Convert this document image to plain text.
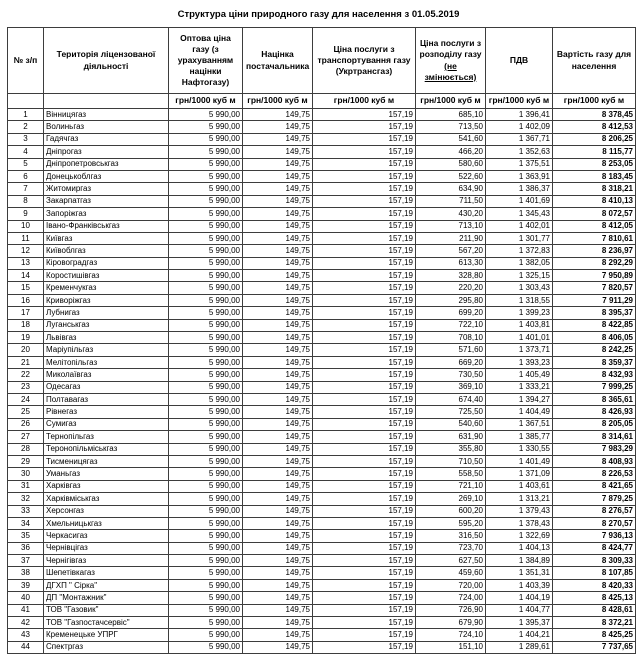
Структура ціни природного газу для населення з 01.05.2019
№ з/п	Територія ліцензованої діяльності	Оптова ціна газу (з урахуванням націнки Нафтогазу)	Націнка постачальника	Ціна послуги з транспортування газу (Укртрансгаз)	Ціна послуги з розподілу газу (не змінюється)	ПДВ	Вартість газу для населення
		грн/1000 куб м	грн/1000 куб м	грн/1000 куб м	грн/1000 куб м	грн/1000 куб м	грн/1000 куб м
1	Вінницягаз	5 990,00	149,75	157,19	685,10	1 396,41	8 378,45
2	Волиньгаз	5 990,00	149,75	157,19	713,50	1 402,09	8 412,53
3	Гадячгаз	5 990,00	149,75	157,19	541,60	1 367,71	8 206,25
4	Дніпрогаз	5 990,00	149,75	157,19	466,20	1 352,63	8 115,77
5	Дніпропетровськгаз	5 990,00	149,75	157,19	580,60	1 375,51	8 253,05
6	Донецькоблгаз	5 990,00	149,75	157,19	522,60	1 363,91	8 183,45
7	Житомиргаз	5 990,00	149,75	157,19	634,90	1 386,37	8 318,21
8	Закарпатгаз	5 990,00	149,75	157,19	711,50	1 401,69	8 410,13
9	Запоріжгаз	5 990,00	149,75	157,19	430,20	1 345,43	8 072,57
10	Івано-Франківськгаз	5 990,00	149,75	157,19	713,10	1 402,01	8 412,05
11	Київгаз	5 990,00	149,75	157,19	211,90	1 301,77	7 810,61
12	Київоблгаз	5 990,00	149,75	157,19	567,20	1 372,83	8 236,97
13	Кіровоградгаз	5 990,00	149,75	157,19	613,30	1 382,05	8 292,29
14	Коростишівгаз	5 990,00	149,75	157,19	328,80	1 325,15	7 950,89
15	Кременчукгаз	5 990,00	149,75	157,19	220,20	1 303,43	7 820,57
16	Криворіжгаз	5 990,00	149,75	157,19	295,80	1 318,55	7 911,29
17	Лубнигаз	5 990,00	149,75	157,19	699,20	1 399,23	8 395,37
18	Луганськгаз	5 990,00	149,75	157,19	722,10	1 403,81	8 422,85
19	Львівгаз	5 990,00	149,75	157,19	708,10	1 401,01	8 406,05
20	Маріупільгаз	5 990,00	149,75	157,19	571,60	1 373,71	8 242,25
21	Мелітопільгаз	5 990,00	149,75	157,19	669,20	1 393,23	8 359,37
22	Миколаївгаз	5 990,00	149,75	157,19	730,50	1 405,49	8 432,93
23	Одесагаз	5 990,00	149,75	157,19	369,10	1 333,21	7 999,25
24	Полтавагаз	5 990,00	149,75	157,19	674,40	1 394,27	8 365,61
25	Рівнегаз	5 990,00	149,75	157,19	725,50	1 404,49	8 426,93
26	Сумигаз	5 990,00	149,75	157,19	540,60	1 367,51	8 205,05
27	Тернопільгаз	5 990,00	149,75	157,19	631,90	1 385,77	8 314,61
28	Теронопільміськгаз	5 990,00	149,75	157,19	355,80	1 330,55	7 983,29
29	Тисменицягаз	5 990,00	149,75	157,19	710,50	1 401,49	8 408,93
30	Уманьгаз	5 990,00	149,75	157,19	558,50	1 371,09	8 226,53
31	Харківгаз	5 990,00	149,75	157,19	721,10	1 403,61	8 421,65
32	Харківміськгаз	5 990,00	149,75	157,19	269,10	1 313,21	7 879,25
33	Херсонгаз	5 990,00	149,75	157,19	600,20	1 379,43	8 276,57
34	Хмельницькгаз	5 990,00	149,75	157,19	595,20	1 378,43	8 270,57
35	Черкасигаз	5 990,00	149,75	157,19	316,50	1 322,69	7 936,13
36	Чернівцігаз	5 990,00	149,75	157,19	723,70	1 404,13	8 424,77
37	Чернігівгаз	5 990,00	149,75	157,19	627,50	1 384,89	8 309,33
38	Шепетівкагаз	5 990,00	149,75	157,19	459,60	1 351,31	8 107,85
39	ДГХП " Сірка"	5 990,00	149,75	157,19	720,00	1 403,39	8 420,33
40	ДП "Монтажник"	5 990,00	149,75	157,19	724,00	1 404,19	8 425,13
41	ТОВ "Газовик"	5 990,00	149,75	157,19	726,90	1 404,77	8 428,61
42	ТОВ "Газпостачсервіс"	5 990,00	149,75	157,19	679,90	1 395,37	8 372,21
43	Кременецьке УПРГ	5 990,00	149,75	157,19	724,10	1 404,21	8 425,25
44	Спектргаз	5 990,00	149,75	157,19	151,10	1 289,61	7 737,65
